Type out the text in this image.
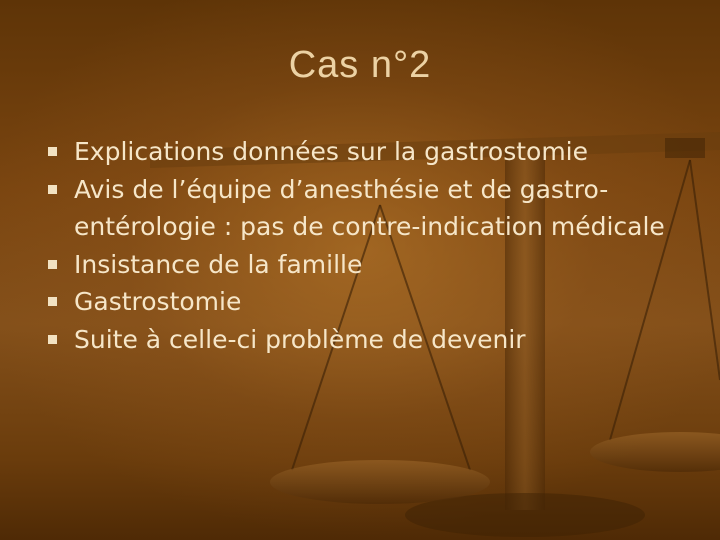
Cas n°2
Explications données sur la gastrostomie
Avis de l’équipe d’anesthésie et de gastro-entérologie : pas de contre-indication médicale
Insistance de la famille
Gastrostomie
Suite à celle-ci problème de devenir
